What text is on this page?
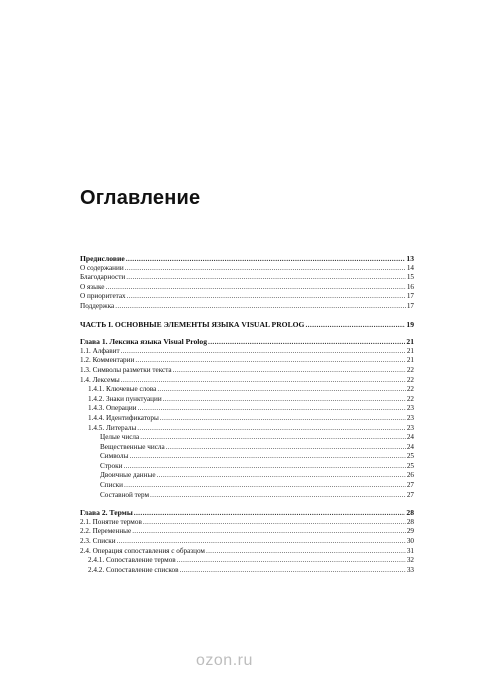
Оглавление
Предисловие .....	13
О содержании .....	14
Благодарности .....	15
О языке .....	16
О приоритетах .....	17
Поддержка .....	17
ЧАСТЬ I. ОСНОВНЫЕ ЭЛЕМЕНТЫ ЯЗЫКА VISUAL PROLOG .....	19
Глава 1. Лексика языка Visual Prolog .....	21
1.1. Алфавит .....	21
1.2. Комментарии .....	21
1.3. Символы разметки текста .....	22
1.4. Лексемы .....	22
1.4.1. Ключевые слова .....	22
1.4.2. Знаки пунктуации .....	22
1.4.3. Операции .....	23
1.4.4. Идентификаторы .....	23
1.4.5. Литералы .....	23
Целые числа .....	24
Вещественные числа .....	24
Символы .....	25
Строки .....	25
Двоичные данные .....	26
Списки .....	27
Составной терм .....	27
Глава 2. Термы .....	28
2.1. Понятие термов .....	28
2.2. Переменные .....	29
2.3. Списки .....	30
2.4. Операция сопоставления с образцом .....	31
2.4.1. Сопоставление термов .....	32
2.4.2. Сопоставление списков .....	33
ozon.ru
